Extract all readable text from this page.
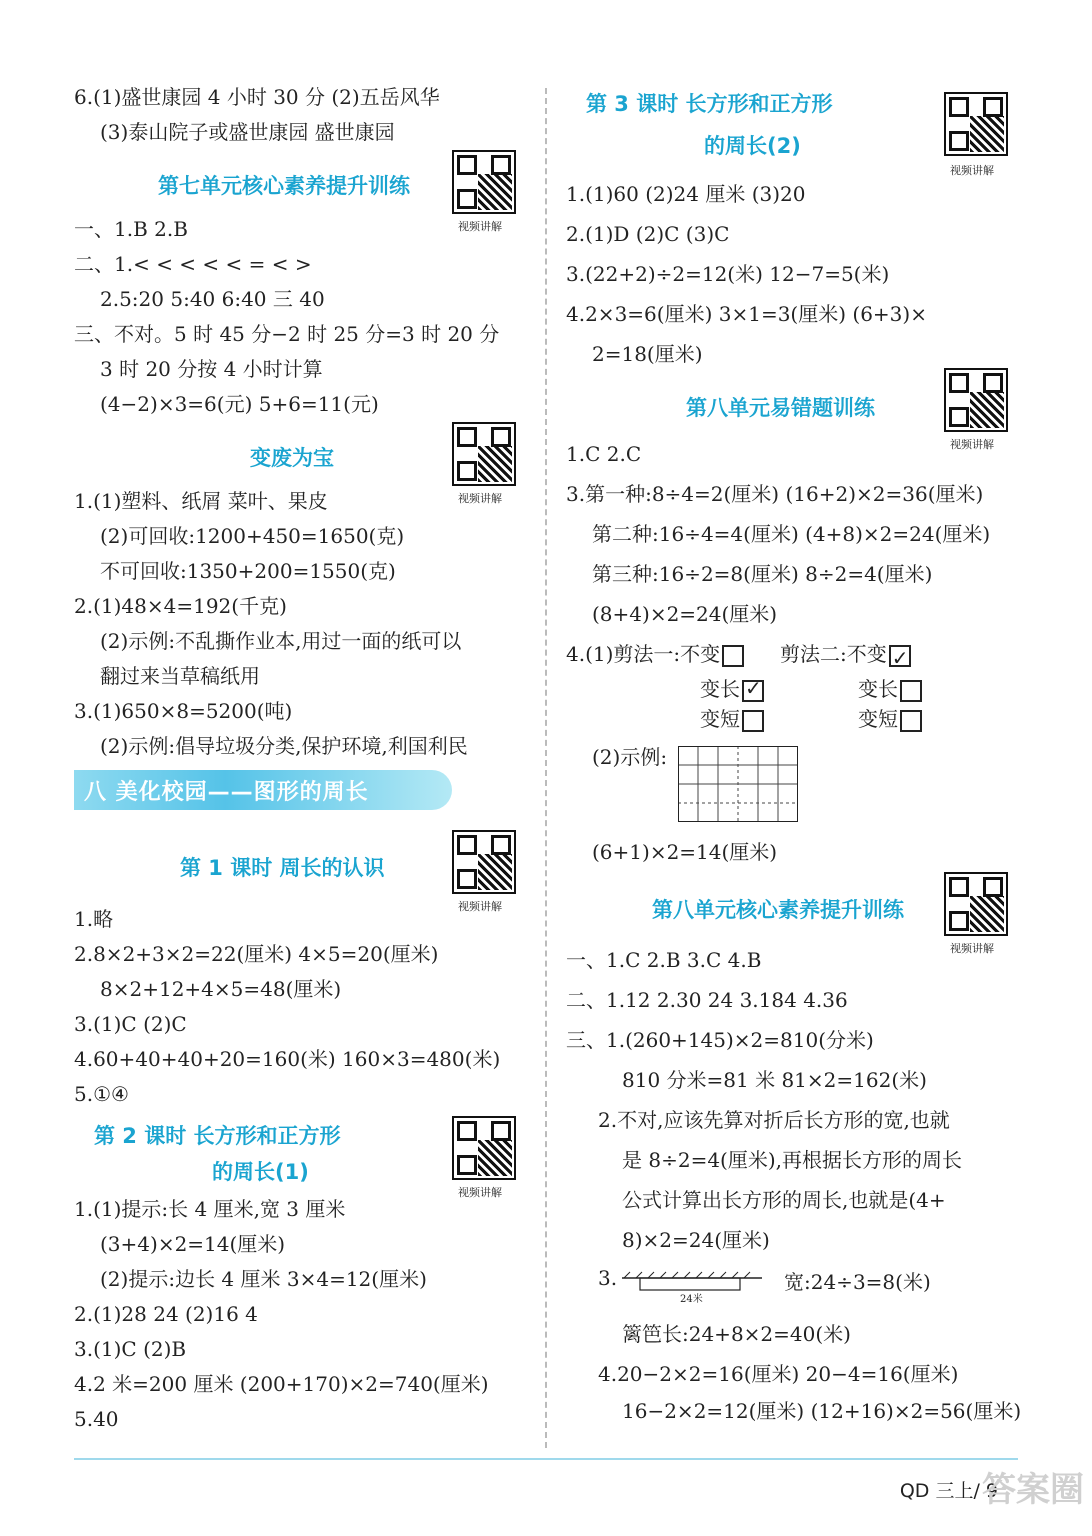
6.(1)盛世康园 4 小时 30 分 (2)五岳风华
(3)泰山院子或盛世康园 盛世康园
第七单元核心素养提升训练
视频讲解
一、1.B 2.B
二、1.< < < < < = < >
2.5:20 5:40 6:40 三 40
三、不对。5 时 45 分−2 时 25 分=3 时 20 分
3 时 20 分按 4 小时计算
(4−2)×3=6(元) 5+6=11(元)
变废为宝
视频讲解
1.(1)塑料、纸屑 菜叶、果皮
(2)可回收:1200+450=1650(克)
不可回收:1350+200=1550(克)
2.(1)48×4=192(千克)
(2)示例:不乱撕作业本,用过一面的纸可以
翻过来当草稿纸用
3.(1)650×8=5200(吨)
(2)示例:倡导垃圾分类,保护环境,利国利民
八 美化校园——图形的周长
第 1 课时 周长的认识
视频讲解
1.略
2.8×2+3×2=22(厘米) 4×5=20(厘米)
8×2+12+4×5=48(厘米)
3.(1)C (2)C
4.60+40+40+20=160(米) 160×3=480(米)
5.①④
第 2 课时 长方形和正方形
的周长(1)
视频讲解
1.(1)提示:长 4 厘米,宽 3 厘米
(3+4)×2=14(厘米)
(2)提示:边长 4 厘米 3×4=12(厘米)
2.(1)28 24 (2)16 4
3.(1)C (2)B
4.2 米=200 厘米 (200+170)×2=740(厘米)
5.40
第 3 课时 长方形和正方形
的周长(2)
视频讲解
1.(1)60 (2)24 厘米 (3)20
2.(1)D (2)C (3)C
3.(22+2)÷2=12(米) 12−7=5(米)
4.2×3=6(厘米) 3×1=3(厘米) (6+3)×
2=18(厘米)
第八单元易错题训练
视频讲解
1.C 2.C
3.第一种:8÷4=2(厘米) (16+2)×2=36(厘米)
第二种:16÷4=4(厘米) (4+8)×2=24(厘米)
第三种:16÷2=8(厘米) 8÷2=4(厘米)
(8+4)×2=24(厘米)
4.(1)剪法一:不变	剪法二:不变✓
变长✓	变长
变短	变短
(2)示例:
(6+1)×2=14(厘米)
第八单元核心素养提升训练
视频讲解
一、1.C 2.B 3.C 4.B
二、1.12 2.30 24 3.184 4.36
三、1.(260+145)×2=810(分米)
810 分米=81 米 81×2=162(米)
2.不对,应该先算对折后长方形的宽,也就
是 8÷2=4(厘米),再根据长方形的周长
公式计算出长方形的周长,也就是(4+
8)×2=24(厘米)
3.
24米
宽:24÷3=8(米)
篱笆长:24+8×2=40(米)
4.20−2×2=16(厘米) 20−4=16(厘米)
16−2×2=12(厘米) (12+16)×2=56(厘米)
QD 三上/ 9
答案圈
